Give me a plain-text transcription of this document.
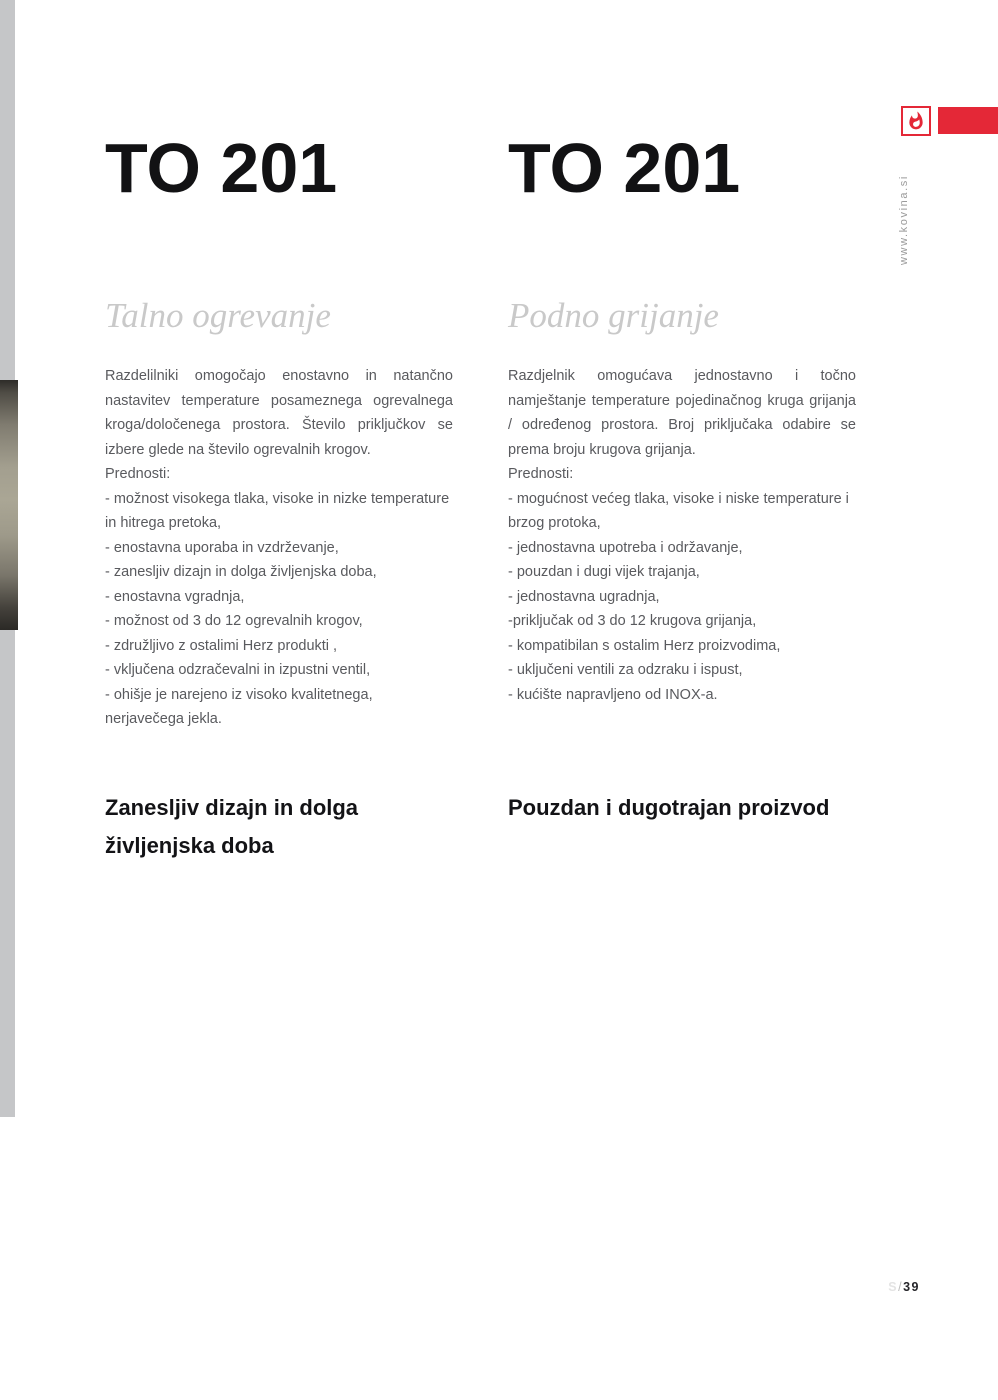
www.kovina.si
TO 201
Talno ogrevanje
Razdelilniki omogočajo enostavno in natančno nastavitev temperature posameznega ogrevalnega kroga/določenega prostora. Število priključkov se izbere glede na število ogrevalnih krogov.
Prednosti:
- možnost visokega tlaka, visoke in nizke temperature in hitrega pretoka,
- enostavna uporaba in vzdrževanje,
- zanesljiv dizajn in dolga življenjska doba,
- enostavna vgradnja,
- možnost od 3 do 12 ogrevalnih krogov,
- združljivo z ostalimi Herz produkti ,
- vključena odzračevalni in izpustni ventil,
- ohišje je narejeno iz visoko kvalitetnega, nerjavečega jekla.
Zanesljiv dizajn in dolga življenjska doba
TO 201
Podno grijanje
Razdjelnik omogućava jednostavno i točno namještanje temperature pojedinačnog kruga grijanja / određenog prostora. Broj priključaka odabire se prema broju krugova grijanja.
Prednosti:
- mogućnost većeg tlaka, visoke i niske temperature i brzog protoka,
- jednostavna upotreba i održavanje,
- pouzdan i dugi vijek trajanja,
- jednostavna ugradnja,
-priključak od 3 do 12 krugova grijanja,
- kompatibilan s ostalim Herz proizvodima,
- uključeni ventili za odzraku i ispust,
- kućište napravljeno od INOX-a.
Pouzdan i dugotrajan proizvod
S/39
